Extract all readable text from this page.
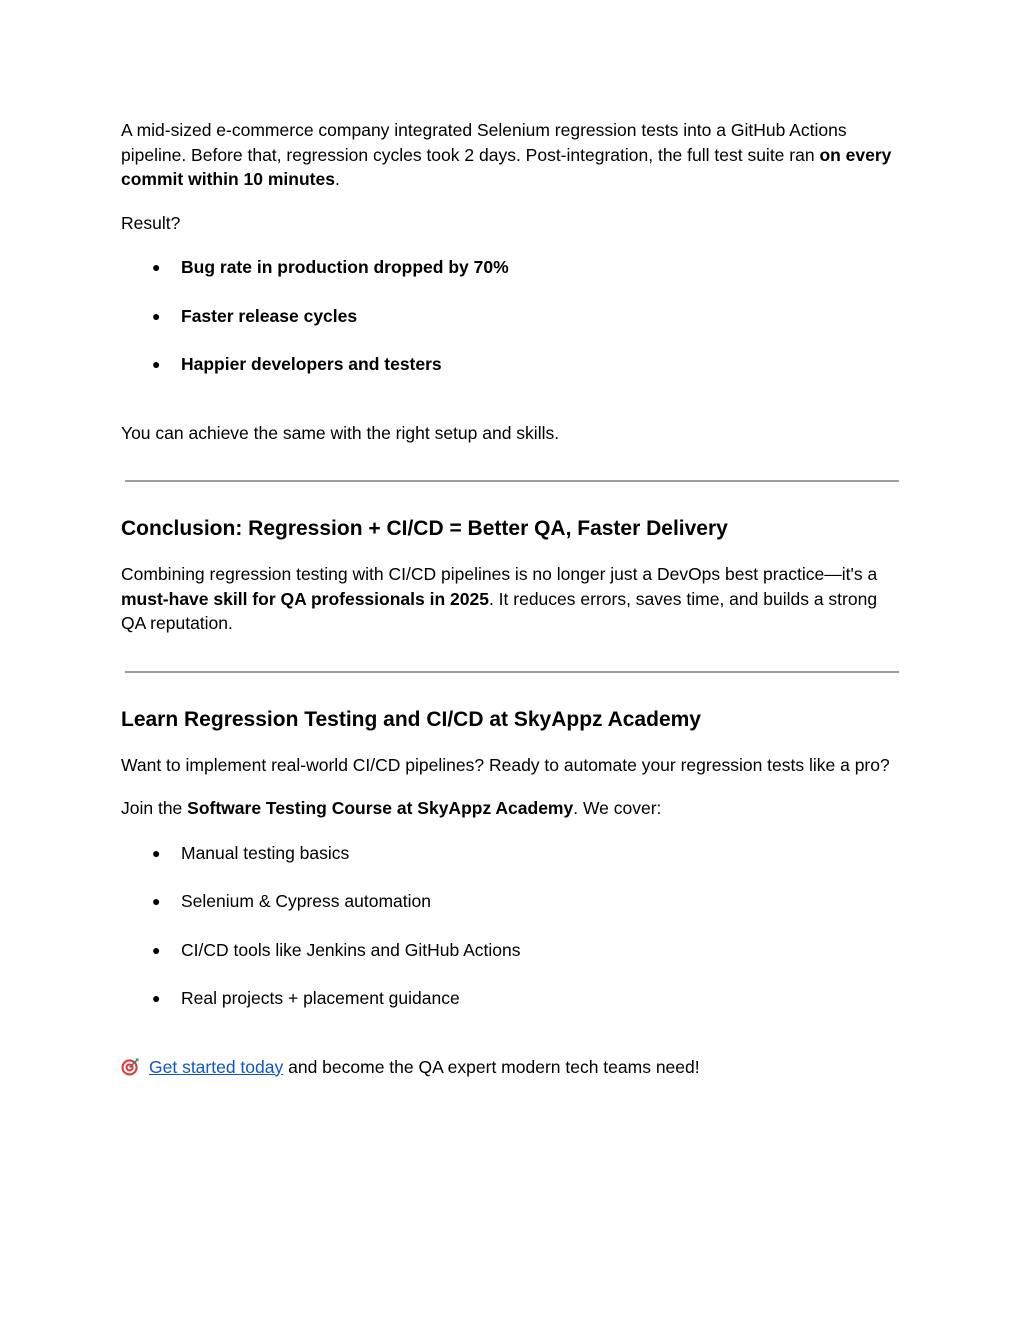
A mid-sized e-commerce company integrated Selenium regression tests into a GitHub Actions pipeline. Before that, regression cycles took 2 days. Post-integration, the full test suite ran on every commit within 10 minutes.

Result?

● Bug rate in production dropped by 70%
● Faster release cycles
● Happier developers and testers

You can achieve the same with the right setup and skills.

Conclusion: Regression + CI/CD = Better QA, Faster Delivery

Combining regression testing with CI/CD pipelines is no longer just a DevOps best practice—it's a must-have skill for QA professionals in 2025. It reduces errors, saves time, and builds a strong QA reputation.

Learn Regression Testing and CI/CD at SkyAppz Academy

Want to implement real-world CI/CD pipelines? Ready to automate your regression tests like a pro?

Join the Software Testing Course at SkyAppz Academy. We cover:

● Manual testing basics
● Selenium & Cypress automation
● CI/CD tools like Jenkins and GitHub Actions
● Real projects + placement guidance

Get started today and become the QA expert modern tech teams need!
